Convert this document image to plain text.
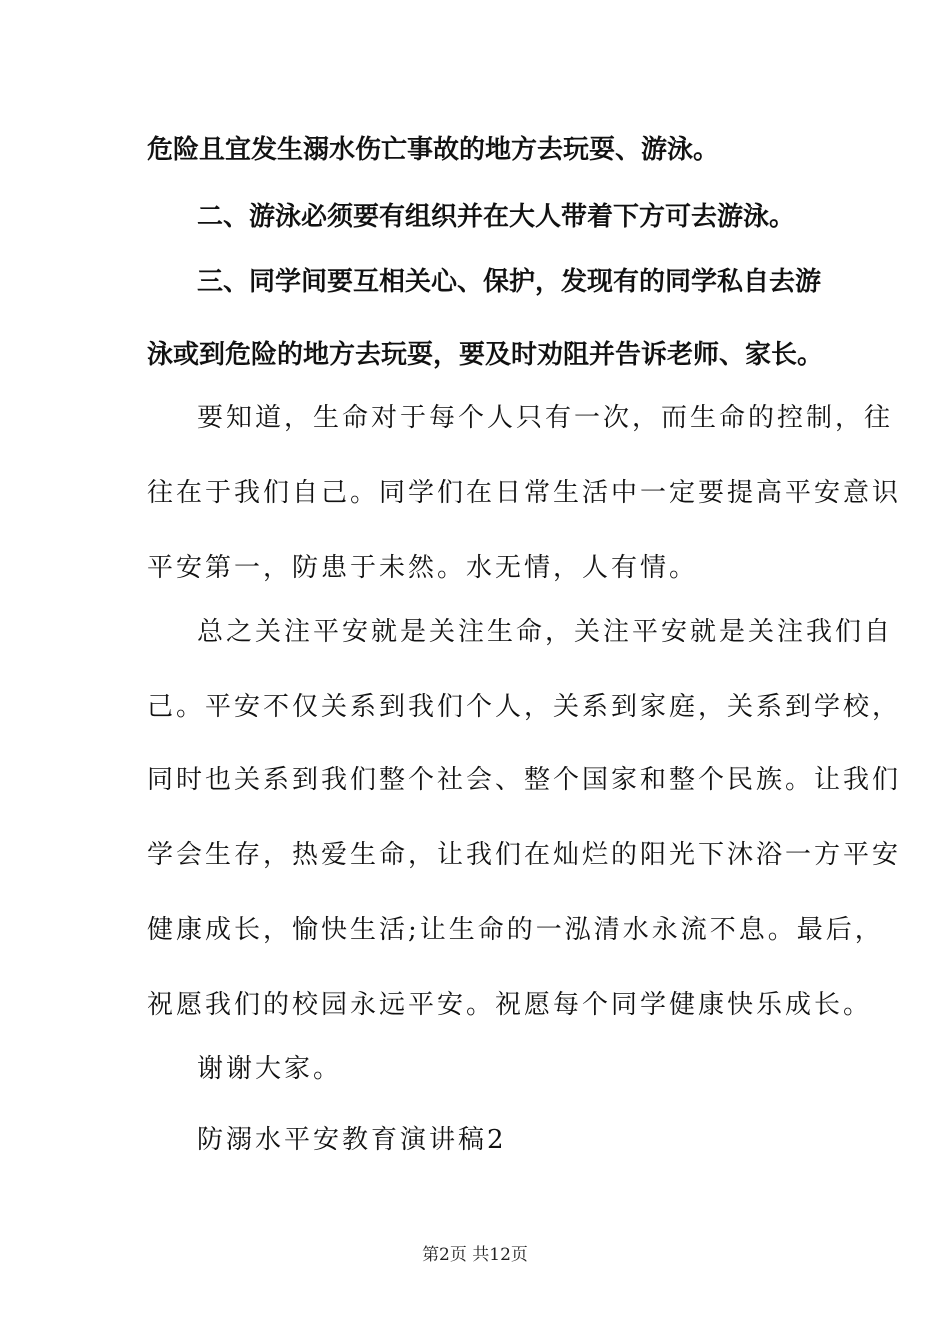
危险且宜发生溺水伤亡事故的地方去玩耍、游泳。
二、游泳必须要有组织并在大人带着下方可去游泳。
三、同学间要互相关心、保护，发现有的同学私自去游
泳或到危险的地方去玩耍，要及时劝阻并告诉老师、家长。
要知道，生命对于每个人只有一次，而生命的控制，往
往在于我们自己。同学们在日常生活中一定要提高平安意识
平安第一，防患于未然。水无情，人有情。
总之关注平安就是关注生命，关注平安就是关注我们自
己。平安不仅关系到我们个人，关系到家庭，关系到学校，
同时也关系到我们整个社会、整个国家和整个民族。让我们
学会生存，热爱生命，让我们在灿烂的阳光下沐浴一方平安
健康成长，愉快生活;让生命的一泓清水永流不息。最后，
祝愿我们的校园永远平安。祝愿每个同学健康快乐成长。
谢谢大家。
防溺水平安教育演讲稿2
第2页 共12页
